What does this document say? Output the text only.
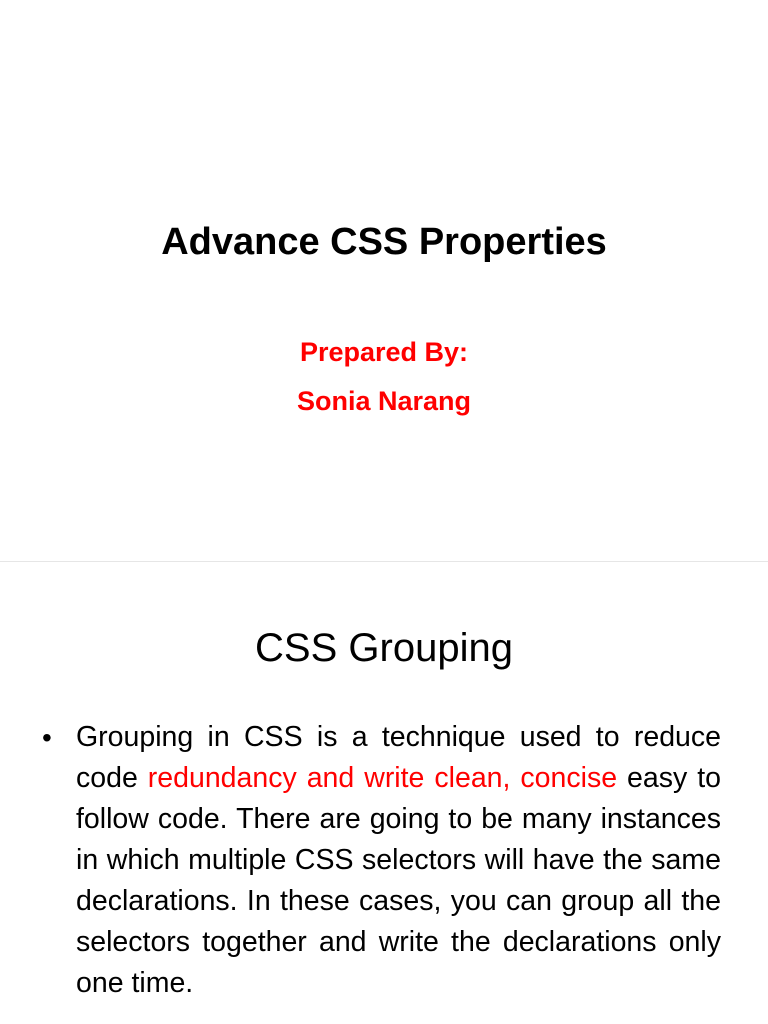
Advance CSS Properties
Prepared By:
Sonia Narang
CSS Grouping
• Grouping in CSS is a technique used to reduce code redundancy and write clean, concise easy to follow code. There are going to be many instances in which multiple CSS selectors will have the same declarations. In these cases, you can group all the selectors together and write the declarations only one time.
